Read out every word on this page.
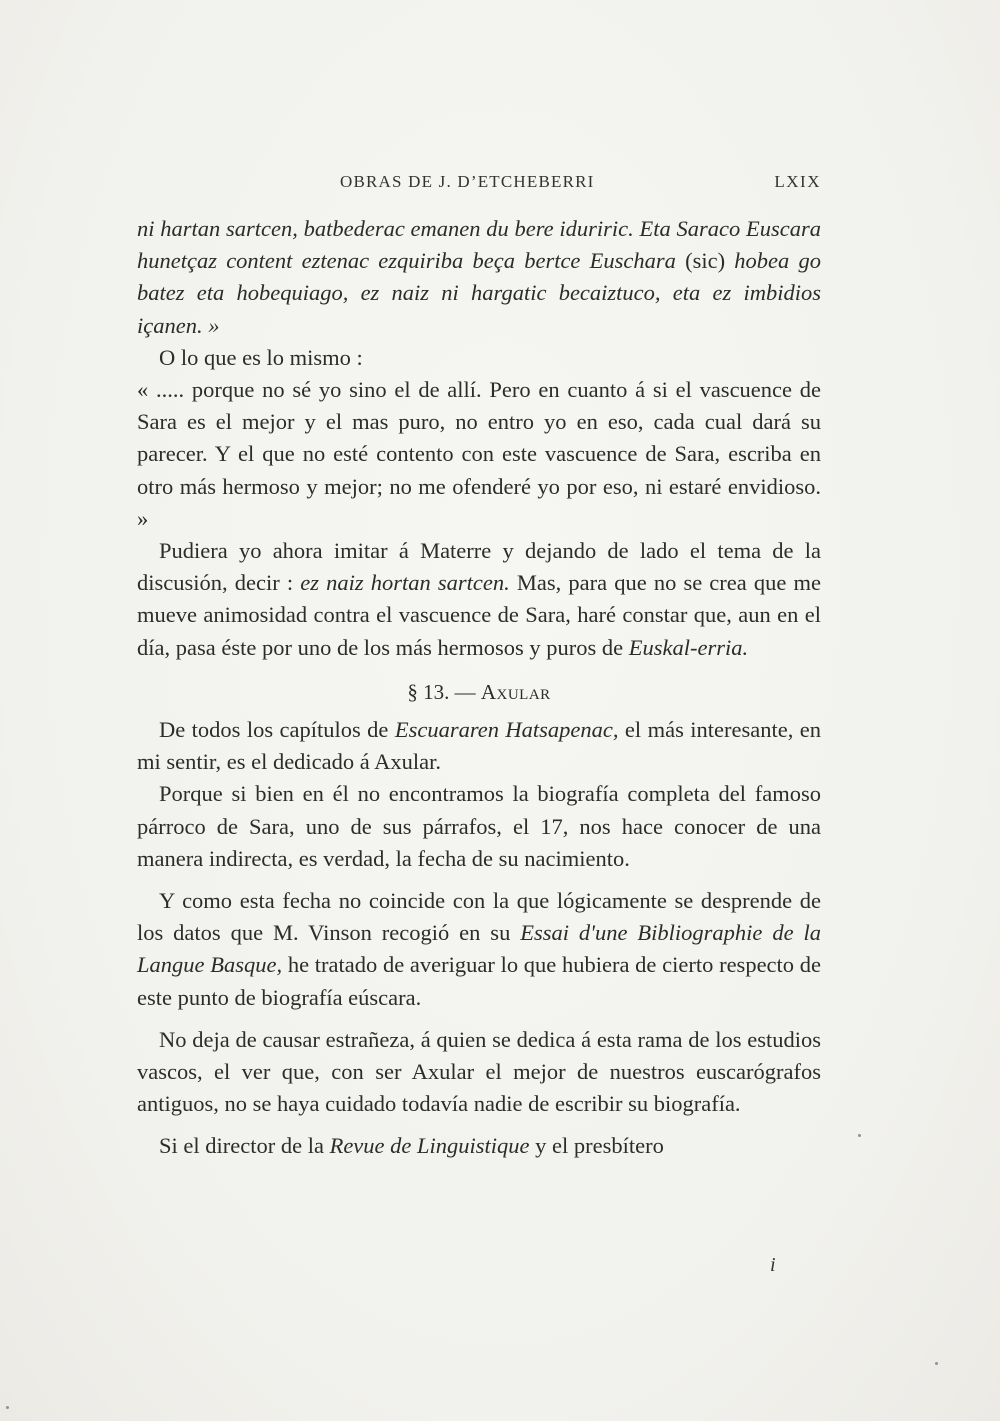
OBRAS DE J. D’ETCHEBERRI	LXIX

ni hartan sartcen, batbederac emanen du bere iduriric. Eta Saraco Euscara hunetçaz content eztenac ezquiriba beça bertce Euschara (sic) hobea go batez eta hobequiago, ez naiz ni hargatic becaiztuco, eta ez imbidios içanen. »

O lo que es lo mismo :

« ..... porque no sé yo sino el de allí. Pero en cuanto á si el vascuence de Sara es el mejor y el mas puro, no entro yo en eso, cada cual dará su parecer. Y el que no esté contento con este vascuence de Sara, escriba en otro más hermoso y mejor; no me ofenderé yo por eso, ni estaré envidioso. »

Pudiera yo ahora imitar á Materre y dejando de lado el tema de la discusión, decir : ez naiz hortan sartcen. Mas, para que no se crea que me mueve animosidad contra el vascuence de Sara, haré constar que, aun en el día, pasa éste por uno de los más hermosos y puros de Euskal-erria.

§ 13. — Axular

De todos los capítulos de Escuararen Hatsapenac, el más interesante, en mi sentir, es el dedicado á Axular.

Porque si bien en él no encontramos la biografía completa del famoso párroco de Sara, uno de sus párrafos, el 17, nos hace conocer de una manera indirecta, es verdad, la fecha de su nacimiento.

Y como esta fecha no coincide con la que lógicamente se desprende de los datos que M. Vinson recogió en su Essai d'une Bibliographie de la Langue Basque, he tratado de averiguar lo que hubiera de cierto respecto de este punto de biografía eúscara.

No deja de causar estrañeza, á quien se dedica á esta rama de los estudios vascos, el ver que, con ser Axular el mejor de nuestros euscarógrafos antiguos, no se haya cuidado todavía nadie de escribir su biografía.

Si el director de la Revue de Linguistique y el presbítero

i
